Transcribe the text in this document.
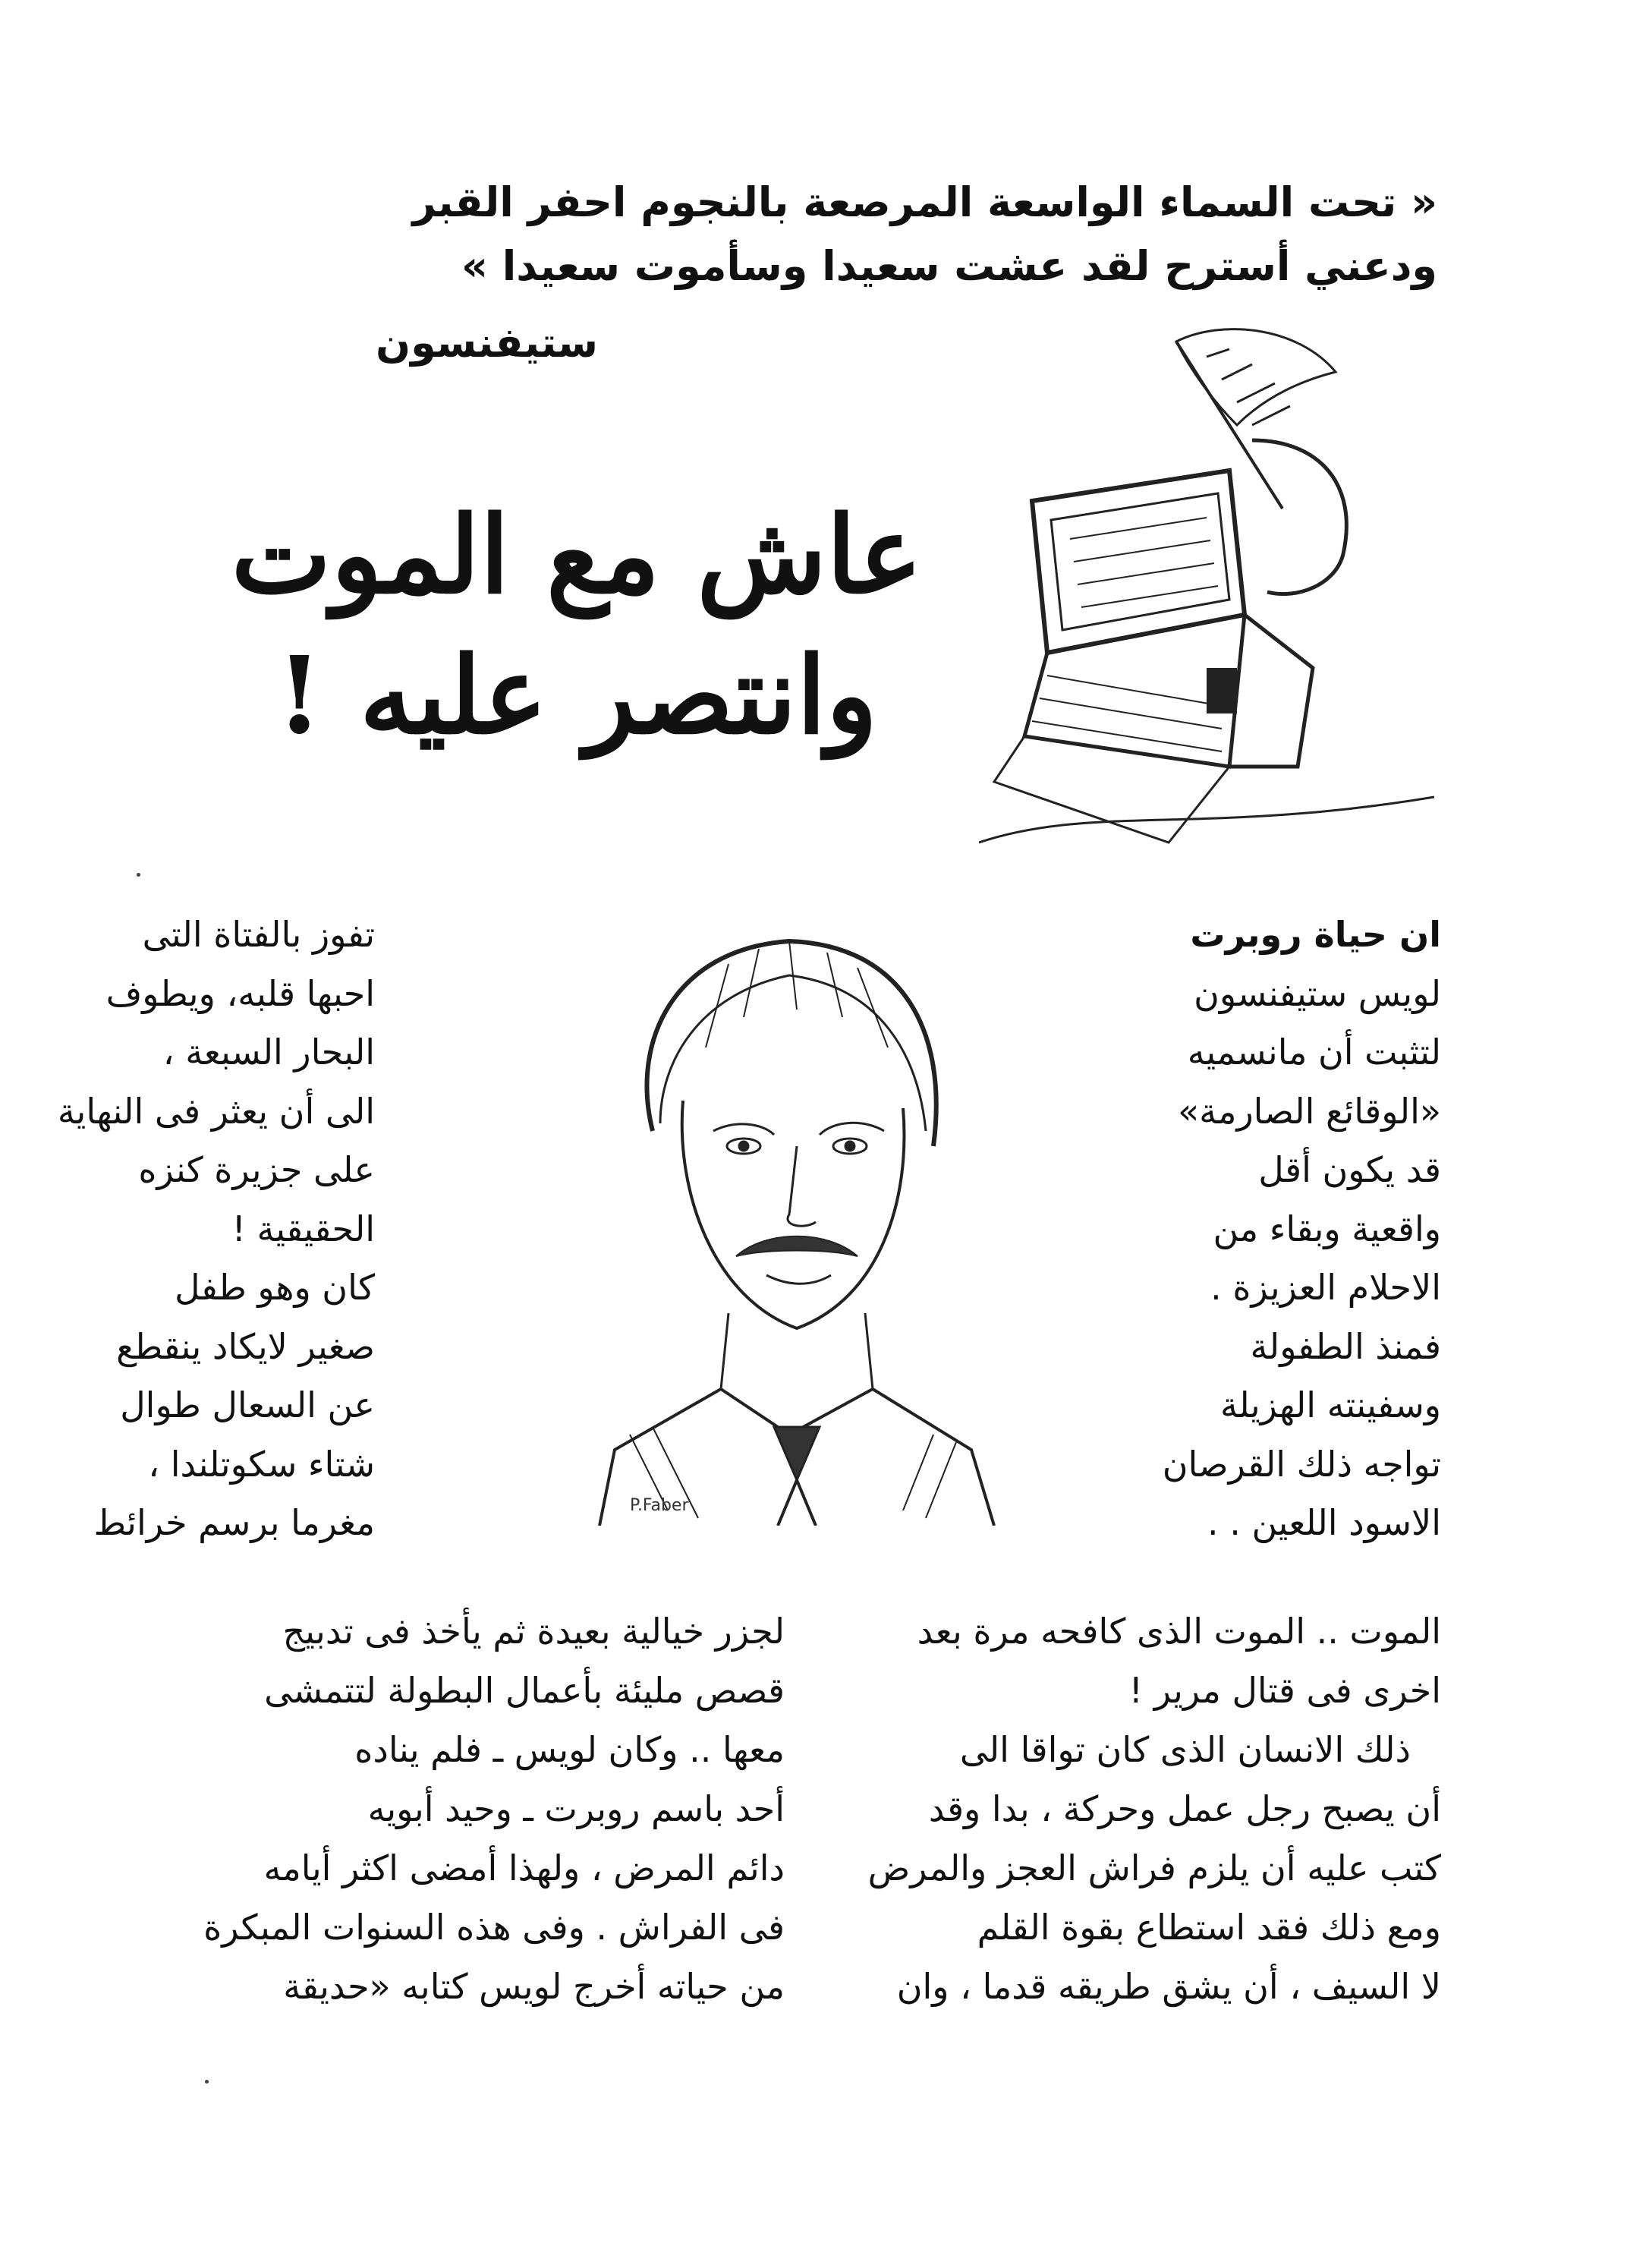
« تحت السماء الواسعة المرصعة بالنجوم احفر القبر
ودعني أسترح لقد عشت سعيدا وسأموت سعيدا »
ستيفنسون
عاش مع الموت
وانتصر عليه !
ان حياة روبرت
لويس ستيفنسون
لتثبت أن مانسميه
«الوقائع الصارمة»
قد يكون أقل
واقعية وبقاء من
الاحلام العزيزة .
فمنذ الطفولة
وسفينته الهزيلة
تواجه ذلك القرصان
الاسود اللعين . .
P.Faber
تفوز بالفتاة التى
احبها قلبه، ويطوف
البحار السبعة ،
الى أن يعثر فى النهاية
على جزيرة كنزه
الحقيقية !
كان وهو طفل
صغير لايكاد ينقطع
عن السعال طوال
شتاء سكوتلندا ،
مغرما برسم خرائط
الموت .. الموت الذى كافحه مرة بعد
اخرى فى قتال مرير !
ذلك الانسان الذى كان تواقا الى
أن يصبح رجل عمل وحركة ، بدا وقد
كتب عليه أن يلزم فراش العجز والمرض
ومع ذلك فقد استطاع بقوة القلم
لا السيف ، أن يشق طريقه قدما ، وان
لجزر خيالية بعيدة ثم يأخذ فى تدبيج
قصص مليئة بأعمال البطولة لتتمشى
معها .. وكان لويس ـ فلم يناده
أحد باسم روبرت ـ وحيد أبويه
دائم المرض ، ولهذا أمضى اكثر أيامه
فى الفراش . وفى هذه السنوات المبكرة
من حياته أخرج لويس كتابه «حديقة
